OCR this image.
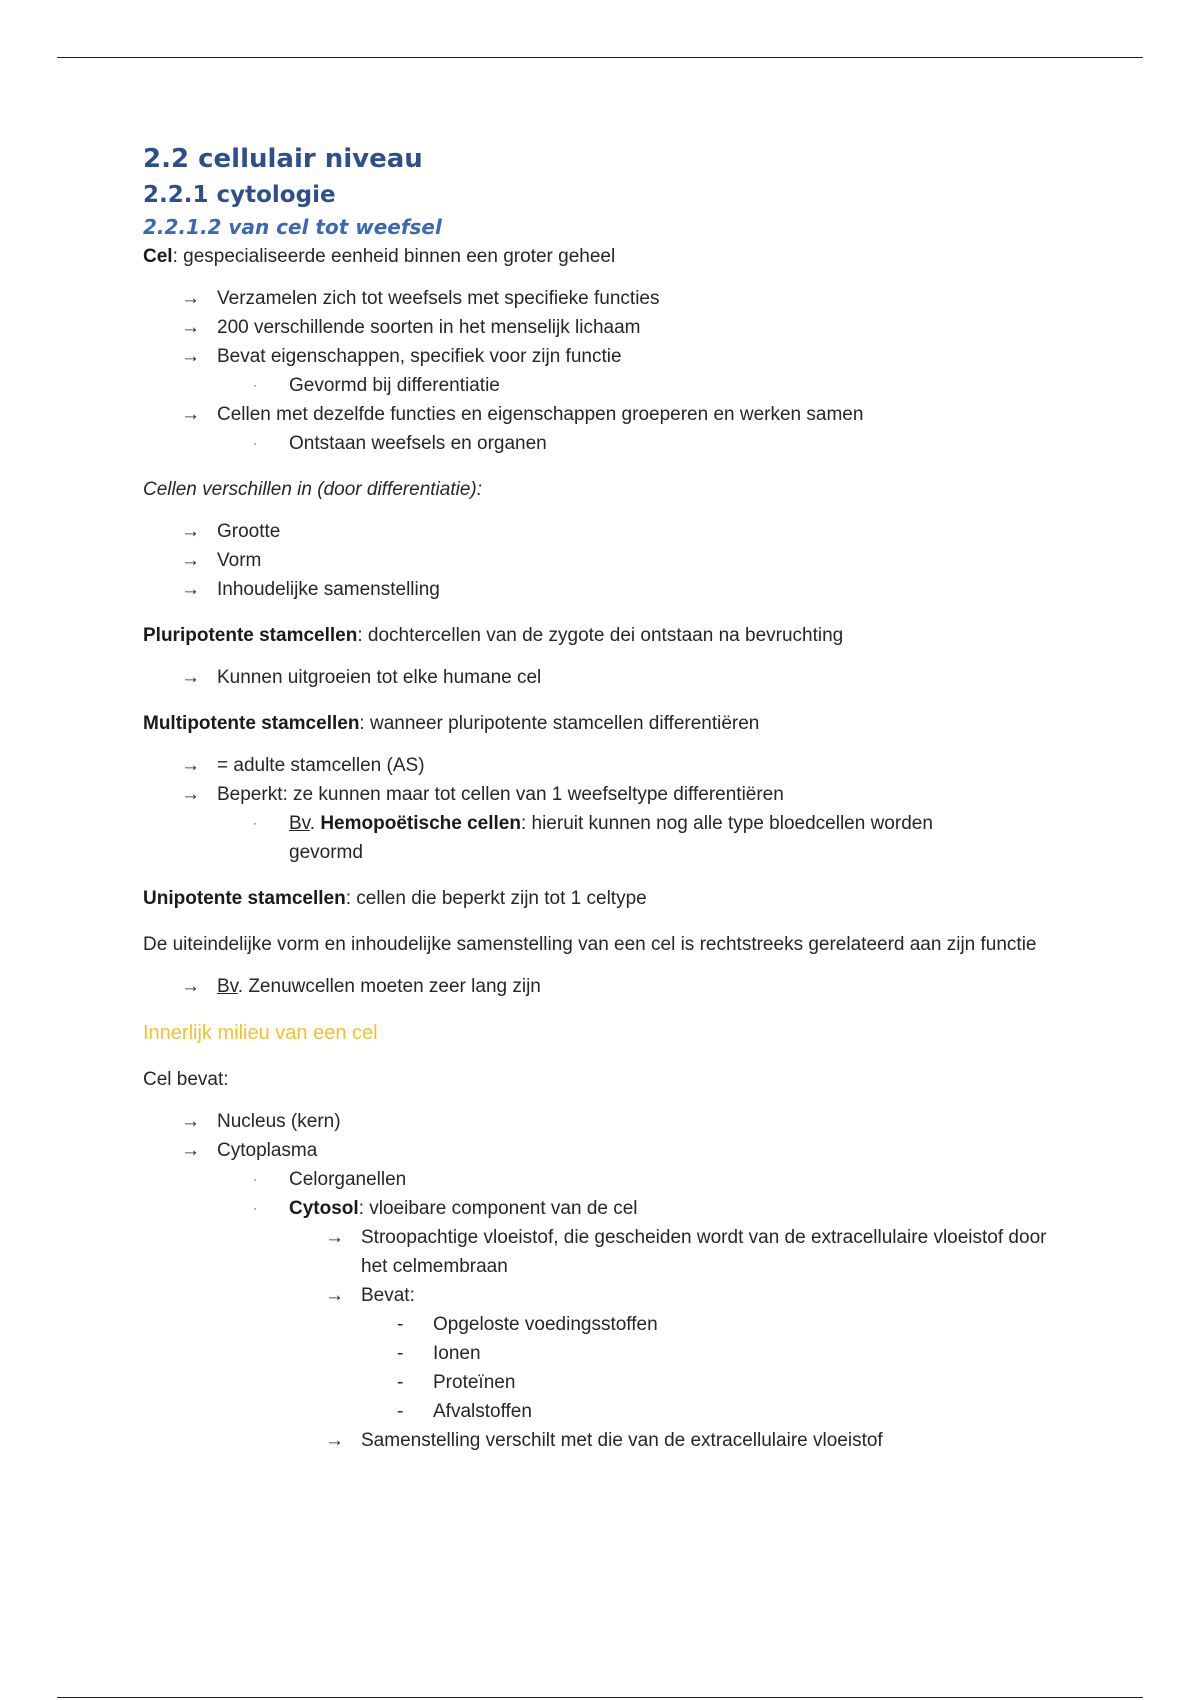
2.2 cellulair niveau
2.2.1 cytologie
2.2.1.2 van cel tot weefsel

Cel: gespecialiseerde eenheid binnen een groter geheel

→ Verzamelen zich tot weefsels met specifieke functies
→ 200 verschillende soorten in het menselijk lichaam
→ Bevat eigenschappen, specifiek voor zijn functie
·	Gevormd bij differentiatie
→ Cellen met dezelfde functies en eigenschappen groeperen en werken samen
·	Ontstaan weefsels en organen

Cellen verschillen in (door differentiatie):

→ Grootte
→ Vorm
→ Inhoudelijke samenstelling

Pluripotente stamcellen: dochtercellen van de zygote dei ontstaan na bevruchting

→ Kunnen uitgroeien tot elke humane cel

Multipotente stamcellen: wanneer pluripotente stamcellen differentiëren

→ = adulte stamcellen (AS)
→ Beperkt: ze kunnen maar tot cellen van 1 weefseltype differentiëren
·	Bv. Hemopoëtische cellen: hieruit kunnen nog alle type bloedcellen worden gevormd

Unipotente stamcellen: cellen die beperkt zijn tot 1 celtype

De uiteindelijke vorm en inhoudelijke samenstelling van een cel is rechtstreeks gerelateerd aan zijn functie

→ Bv. Zenuwcellen moeten zeer lang zijn

Innerlijk milieu van een cel

Cel bevat:

→ Nucleus (kern)
→ Cytoplasma
·	Celorganellen
·	Cytosol: vloeibare component van de cel
→ Stroopachtige vloeistof, die gescheiden wordt van de extracellulaire vloeistof door het celmembraan
→ Bevat:
-	Opgeloste voedingsstoffen
-	Ionen
-	Proteïnen
-	Afvalstoffen
→ Samenstelling verschilt met die van de extracellulaire vloeistof
